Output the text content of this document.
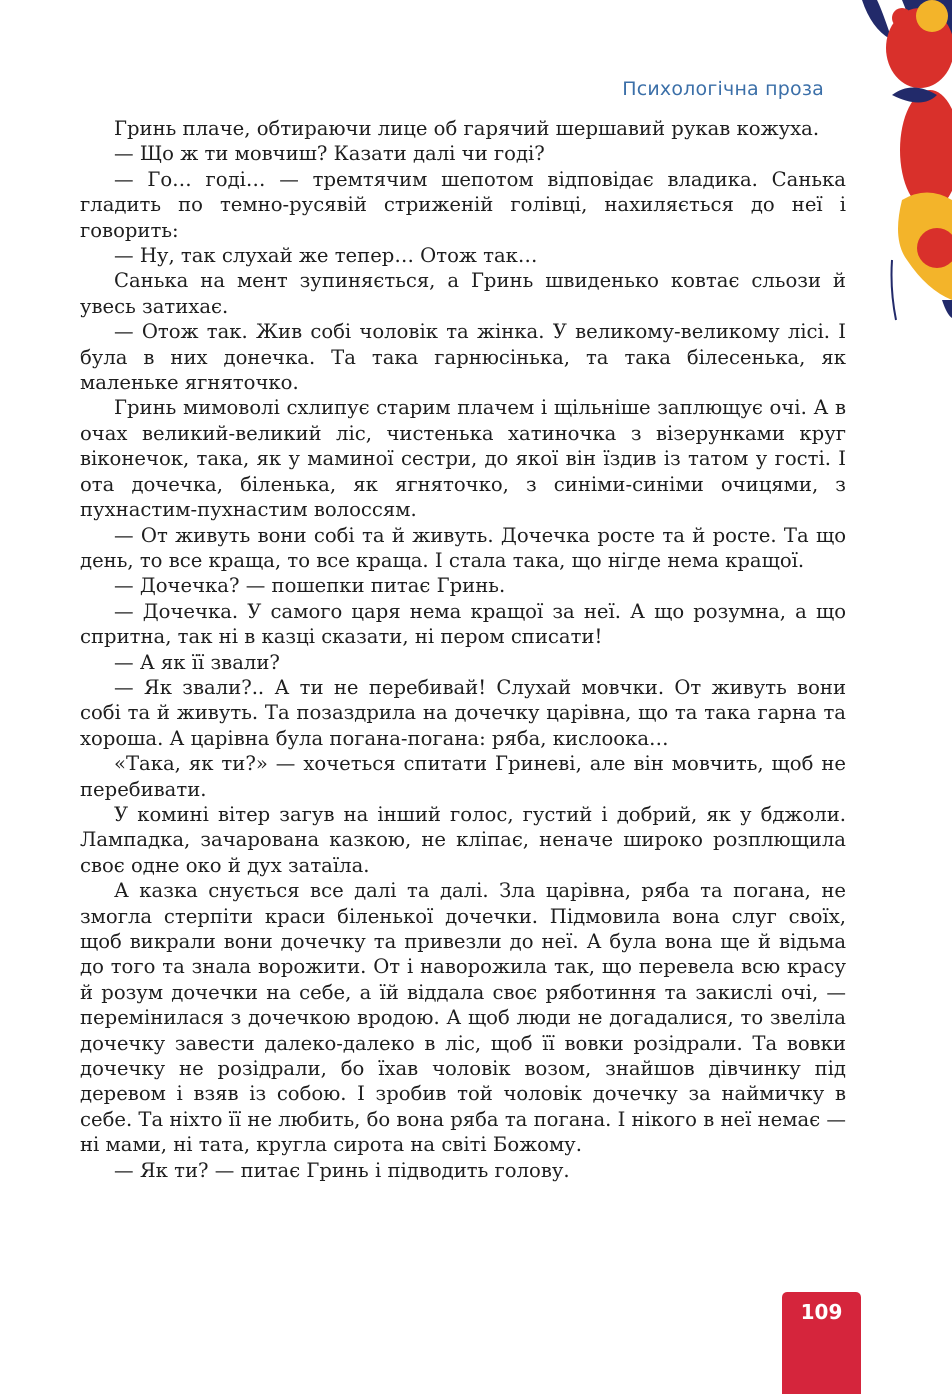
Психологічна проза

Гринь плаче, обтираючи лице об гарячий шершавий рукав кожуха.

— Що ж ти мовчиш? Казати далі чи годі?

— Го… годі… — тремтячим шепотом відповідає владика. Санька гладить по темно-русявій стриженій голівці, нахиляється до неї і говорить:

— Ну, так слухай же тепер… Отож так…

Санька на мент зупиняється, а Гринь швиденько ковтає сльози й увесь затихає.

— Отож так. Жив собі чоловік та жінка. У великому-великому лісі. І була в них донечка. Та така гарнюсінька, та така білесенька, як маленьке ягняточко.

Гринь мимоволі схлипує старим плачем і щільніше заплющує очі. А в очах великий-великий ліс, чистенька хатиночка з візерунками круг віконечок, така, як у маминої сестри, до якої він їздив із татом у гості. І ота дочечка, біленька, як ягняточко, з синіми-синіми очицями, з пухнастим-пухнастим волоссям.

— От живуть вони собі та й живуть. Дочечка росте та й росте. Та що день, то все краща, то все краща. І стала така, що нігде нема кращої.

— Дочечка? — пошепки питає Гринь.

— Дочечка. У самого царя нема кращої за неї. А що розумна, а що спритна, так ні в казці сказати, ні пером списати!

— А як її звали?

— Як звали?.. А ти не перебивай! Слухай мовчки. От живуть вони собі та й живуть. Та позаздрила на дочечку царівна, що та така гарна та хороша. А царівна була погана-погана: ряба, кислоока…

«Така, як ти?» — хочеться спитати Гриневі, але він мовчить, щоб не перебивати.

У комині вітер загув на інший голос, густий і добрий, як у бджоли. Лампадка, зачарована казкою, не кліпає, неначе широко розплющила своє одне око й дух затаїла.

А казка снується все далі та далі. Зла царівна, ряба та погана, не змогла стерпіти краси біленької дочечки. Підмовила вона слуг своїх, щоб викрали вони дочечку та привезли до неї. А була вона ще й відьма до того та знала ворожити. От і наворожила так, що перевела всю красу й розум дочечки на себе, а їй віддала своє ряботиння та закислі очі, — перемінилася з дочечкою вродою. А щоб люди не догадалися, то звеліла дочечку завести далеко-далеко в ліс, щоб її вовки розідрали. Та вовки дочечку не розідрали, бо їхав чоловік возом, знайшов дівчинку під деревом і взяв із собою. І зробив той чоловік дочечку за наймичку в себе. Та ніхто її не любить, бо вона ряба та погана. І нікого в неї немає — ні мами, ні тата, кругла сирота на світі Божому.

— Як ти? — питає Гринь і підводить голову.

109
